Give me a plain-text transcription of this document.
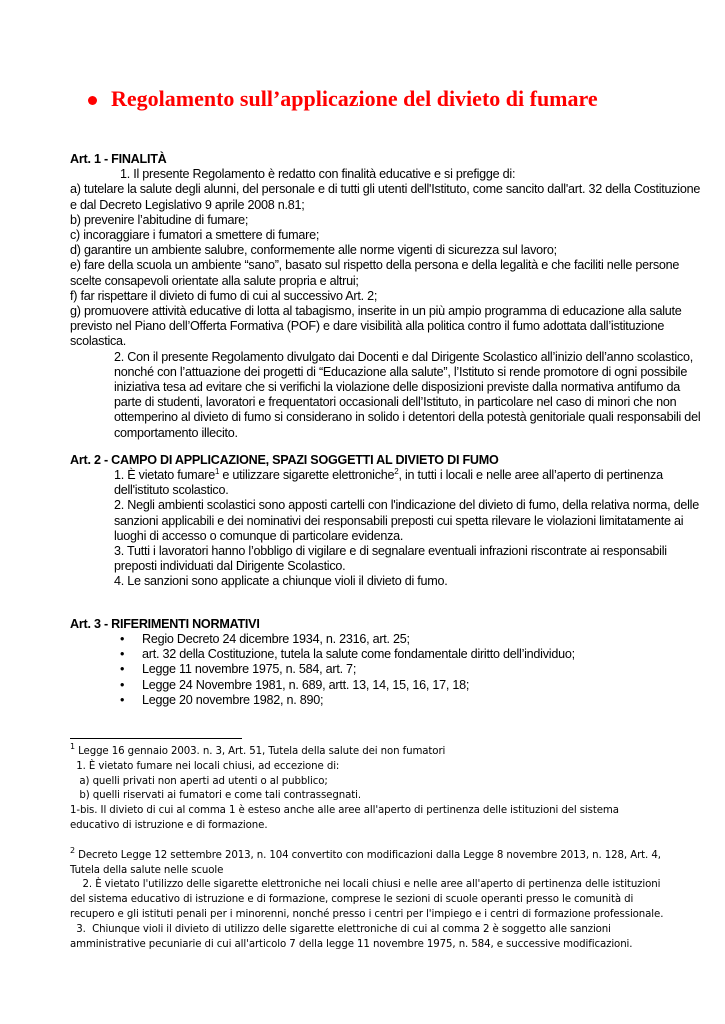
Regolamento sull’applicazione del divieto di fumare

Art. 1 - FINALITÀ

1. Il presente Regolamento è redatto con finalità educative e si prefigge di:

a) tutelare la salute degli alunni, del personale e di tutti gli utenti dell'Istituto, come sancito dall'art. 32 della Costituzione

e dal Decreto Legislativo 9 aprile 2008 n.81;

b) prevenire l’abitudine di fumare;

c) incoraggiare i fumatori a smettere di fumare;

d) garantire un ambiente salubre, conformemente alle norme vigenti di sicurezza sul lavoro;

e) fare della scuola un ambiente “sano”, basato sul rispetto della persona e della legalità e che faciliti nelle persone

scelte consapevoli orientate alla salute propria e altrui;

f) far rispettare il divieto di fumo di cui al successivo Art. 2;

g) promuovere attività educative di lotta al tabagismo, inserite in un più ampio programma di educazione alla salute

previsto nel Piano dell’Offerta Formativa (POF) e dare visibilità alla politica contro il fumo adottata dall’istituzione

scolastica.

2. Con il presente Regolamento divulgato dai Docenti e dal Dirigente Scolastico all’inizio dell’anno scolastico,

nonché con l’attuazione dei progetti di “Educazione alla salute”, l’Istituto si rende promotore di ogni possibile

iniziativa tesa ad evitare che si verifichi la violazione delle disposizioni previste dalla normativa antifumo da

parte di studenti, lavoratori e frequentatori occasionali dell’Istituto, in particolare nel caso di minori che non

ottemperino al divieto di fumo si considerano in solido i detentori della potestà genitoriale quali responsabili del

comportamento illecito.

Art. 2 - CAMPO DI APPLICAZIONE, SPAZI SOGGETTI AL DIVIETO DI FUMO

1. È vietato fumare$^1$ e utilizzare sigarette elettroniche$^2$, in tutti i locali e nelle aree all’aperto di pertinenza

dell'istituto scolastico.

2. Negli ambienti scolastici sono apposti cartelli con l'indicazione del divieto di fumo, della relativa norma, delle

sanzioni applicabili e dei nominativi dei responsabili preposti cui spetta rilevare le violazioni limitatamente ai

luoghi di accesso o comunque di particolare evidenza.

3. Tutti i lavoratori hanno l’obbligo di vigilare e di segnalare eventuali infrazioni riscontrate ai responsabili

preposti individuati dal Dirigente Scolastico.

4. Le sanzioni sono applicate a chiunque violi il divieto di fumo.

Art. 3 - RIFERIMENTI NORMATIVI

• Regio Decreto 24 dicembre 1934, n. 2316, art. 25;

• art. 32 della Costituzione, tutela la salute come fondamentale diritto dell’individuo;

• Legge 11 novembre 1975, n. 584, art. 7;

• Legge 24 Novembre 1981, n. 689, artt. 13, 14, 15, 16, 17, 18;

• Legge 20 novembre 1982, n. 890;

$^1$ Legge 16 gennaio 2003. n. 3, Art. 51, Tutela della salute dei non fumatori

1. È vietato fumare nei locali chiusi, ad eccezione di:

a) quelli privati non aperti ad utenti o al pubblico;

b) quelli riservati ai fumatori e come tali contrassegnati.

1-bis. Il divieto di cui al comma 1 è esteso anche alle aree all'aperto di pertinenza delle istituzioni del sistema

educativo di istruzione e di formazione.

$^2$ Decreto Legge 12 settembre 2013, n. 104 convertito con modificazioni dalla Legge 8 novembre 2013, n. 128, Art. 4,

Tutela della salute nelle scuole

2. È vietato l'utilizzo delle sigarette elettroniche nei locali chiusi e nelle aree all'aperto di pertinenza delle istituzioni

del sistema educativo di istruzione e di formazione, comprese le sezioni di scuole operanti presso le comunità di

recupero e gli istituti penali per i minorenni, nonché presso i centri per l'impiego e i centri di formazione professionale.

3.  Chiunque violi il divieto di utilizzo delle sigarette elettroniche di cui al comma 2 è soggetto alle sanzioni

amministrative pecuniarie di cui all'articolo 7 della legge 11 novembre 1975, n. 584, e successive modificazioni.
